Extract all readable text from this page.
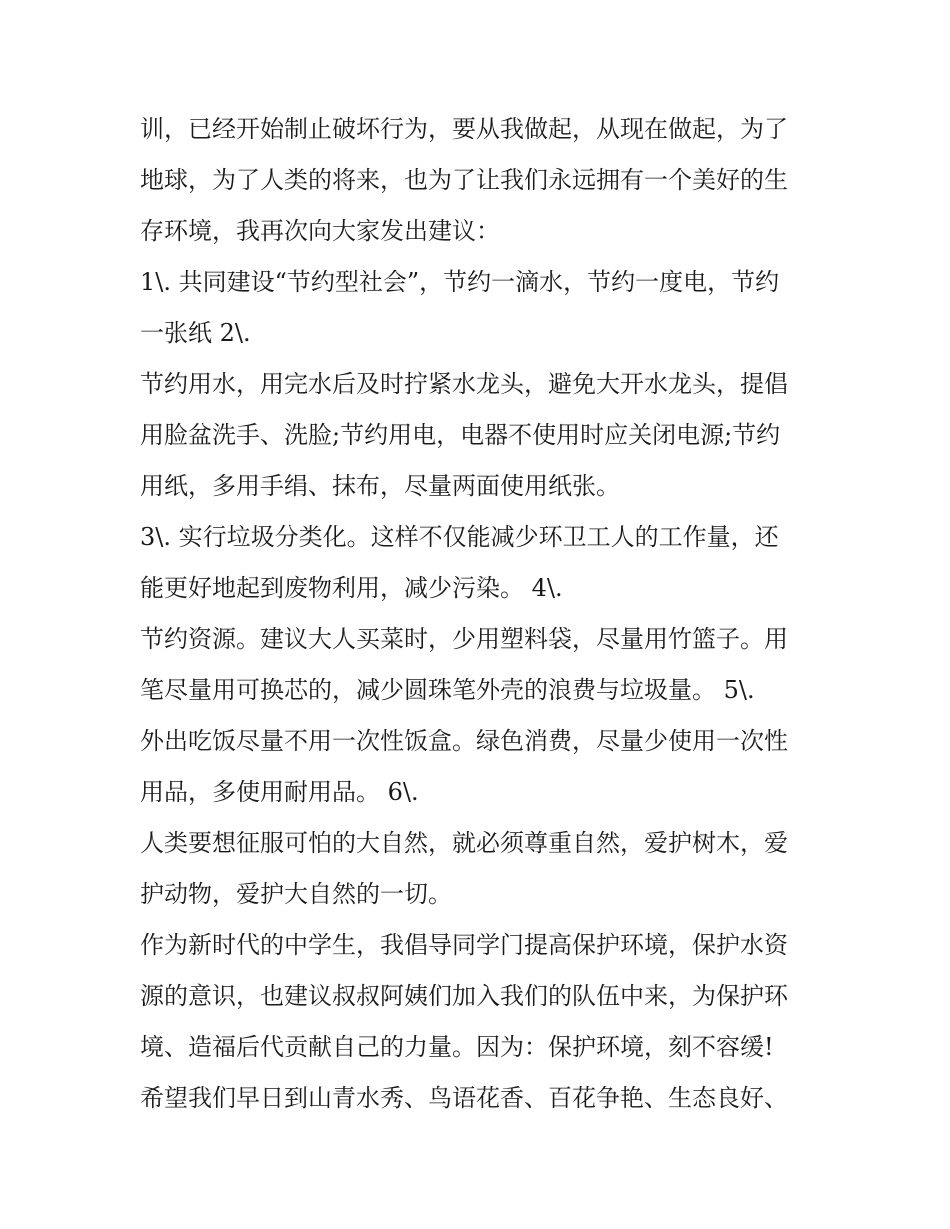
训，已经开始制止破坏行为，要从我做起，从现在做起，为了
地球，为了人类的将来，也为了让我们永远拥有一个美好的生
存环境，我再次向大家发出建议：
1\. 共同建设“节约型社会”，节约一滴水，节约一度电，节约
一张纸 2\.
节约用水，用完水后及时拧紧水龙头，避免大开水龙头，提倡
用脸盆洗手、洗脸;节约用电，电器不使用时应关闭电源;节约
用纸，多用手绢、抹布，尽量两面使用纸张。
3\. 实行垃圾分类化。这样不仅能减少环卫工人的工作量，还
能更好地起到废物利用，减少污染。 4\.
节约资源。建议大人买菜时，少用塑料袋，尽量用竹篮子。用
笔尽量用可换芯的，减少圆珠笔外壳的浪费与垃圾量。 5\.
外出吃饭尽量不用一次性饭盒。绿色消费，尽量少使用一次性
用品，多使用耐用品。 6\.
人类要想征服可怕的大自然，就必须尊重自然，爱护树木，爱
护动物，爱护大自然的一切。
作为新时代的中学生，我倡导同学门提高保护环境，保护水资
源的意识，也建议叔叔阿姨们加入我们的队伍中来，为保护环
境、造福后代贡献自己的力量。因为：保护环境，刻不容缓!
希望我们早日到山青水秀、鸟语花香、百花争艳、生态良好、
